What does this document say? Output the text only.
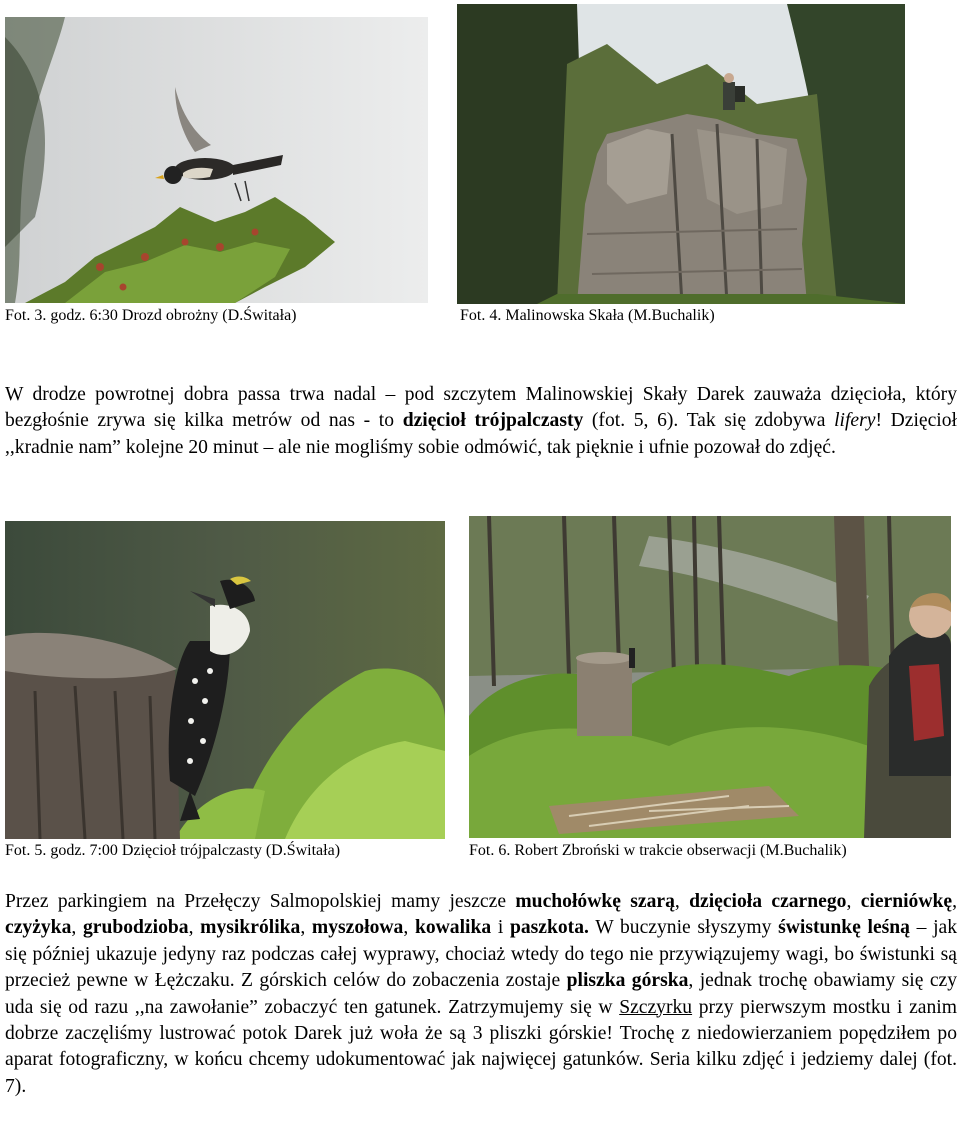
Fot. 3. godz. 6:30 Drozd obrożny (D.Świtała)	Fot. 4. Malinowska Skała (M.Buchalik)
W drodze powrotnej dobra passa trwa nadal – pod szczytem Malinowskiej Skały Darek zauważa dzięcioła, który bezgłośnie zrywa się kilka metrów od nas - to dzięcioł trójpalczasty (fot. 5, 6). Tak się zdobywa lifery! Dzięcioł ,,kradnie nam” kolejne 20 minut – ale nie mogliśmy sobie odmówić, tak pięknie i ufnie pozował do zdjęć.
Fot. 5. godz. 7:00 Dzięcioł trójpalczasty (D.Świtała)	Fot. 6. Robert Zbroński w trakcie obserwacji (M.Buchalik)
Przez parkingiem na Przełęczy Salmopolskiej mamy jeszcze muchołówkę szarą, dzięcioła czarnego, cierniówkę, czyżyka, grubodzioba, mysikrólika, myszołowa, kowalika i paszkota. W buczynie słyszymy świstunkę leśną – jak się później ukazuje jedyny raz podczas całej wyprawy, chociaż wtedy do tego nie przywiązujemy wagi, bo świstunki są przecież pewne w Łężczaku. Z górskich celów do zobaczenia zostaje pliszka górska, jednak trochę obawiamy się czy uda się od razu ,,na zawołanie” zobaczyć ten gatunek. Zatrzymujemy się w Szczyrku przy pierwszym mostku i zanim dobrze zaczęliśmy lustrować potok Darek już woła że są 3 pliszki górskie! Trochę z niedowierzaniem popędziłem po aparat fotograficzny, w końcu chcemy udokumentować jak najwięcej gatunków. Seria kilku zdjęć i jedziemy dalej (fot. 7).
